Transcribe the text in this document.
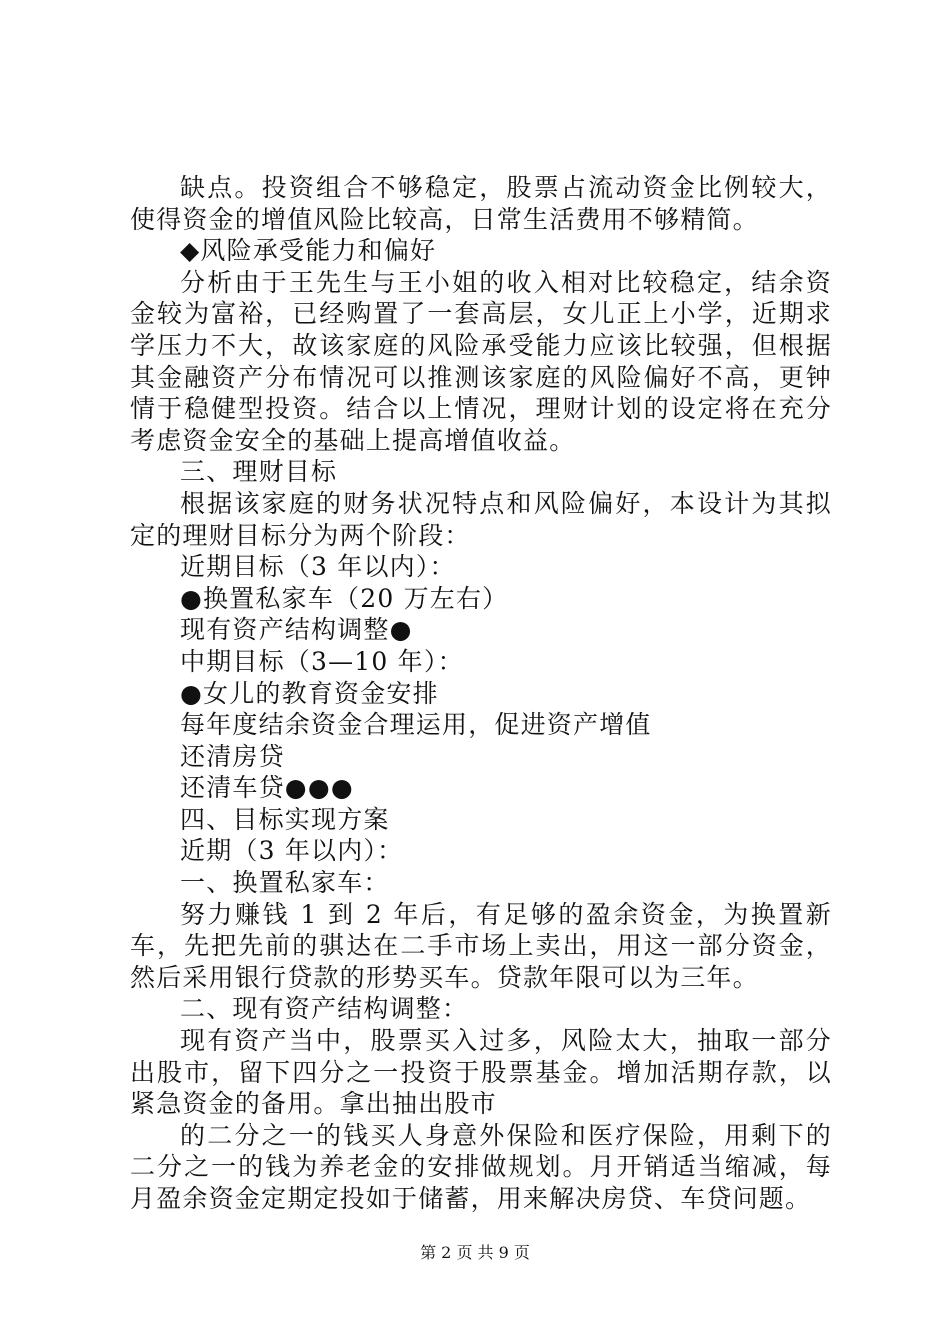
缺点。投资组合不够稳定，股票占流动资金比例较大，使得资金的增值风险比较高，日常生活费用不够精简。

◆风险承受能力和偏好

分析由于王先生与王小姐的收入相对比较稳定，结余资金较为富裕，已经购置了一套高层，女儿正上小学，近期求学压力不大，故该家庭的风险承受能力应该比较强，但根据其金融资产分布情况可以推测该家庭的风险偏好不高，更钟情于稳健型投资。结合以上情况，理财计划的设定将在充分考虑资金安全的基础上提高增值收益。

三、理财目标

根据该家庭的财务状况特点和风险偏好，本设计为其拟定的理财目标分为两个阶段：

近期目标（3 年以内）：

●换置私家车（20 万左右）

现有资产结构调整●

中期目标（3—10 年）：

●女儿的教育资金安排

每年度结余资金合理运用，促进资产增值

还清房贷

还清车贷●●●

四、目标实现方案

近期（3 年以内）：

一、换置私家车：

努力赚钱 1 到 2 年后，有足够的盈余资金，为换置新车，先把先前的骐达在二手市场上卖出，用这一部分资金，然后采用银行贷款的形势买车。贷款年限可以为三年。

二、现有资产结构调整：

现有资产当中，股票买入过多，风险太大，抽取一部分出股市，留下四分之一投资于股票基金。增加活期存款，以紧急资金的备用。拿出抽出股市

的二分之一的钱买人身意外保险和医疗保险，用剩下的二分之一的钱为养老金的安排做规划。月开销适当缩减，每月盈余资金定期定投如于储蓄，用来解决房贷、车贷问题。

第 2 页 共 9 页
